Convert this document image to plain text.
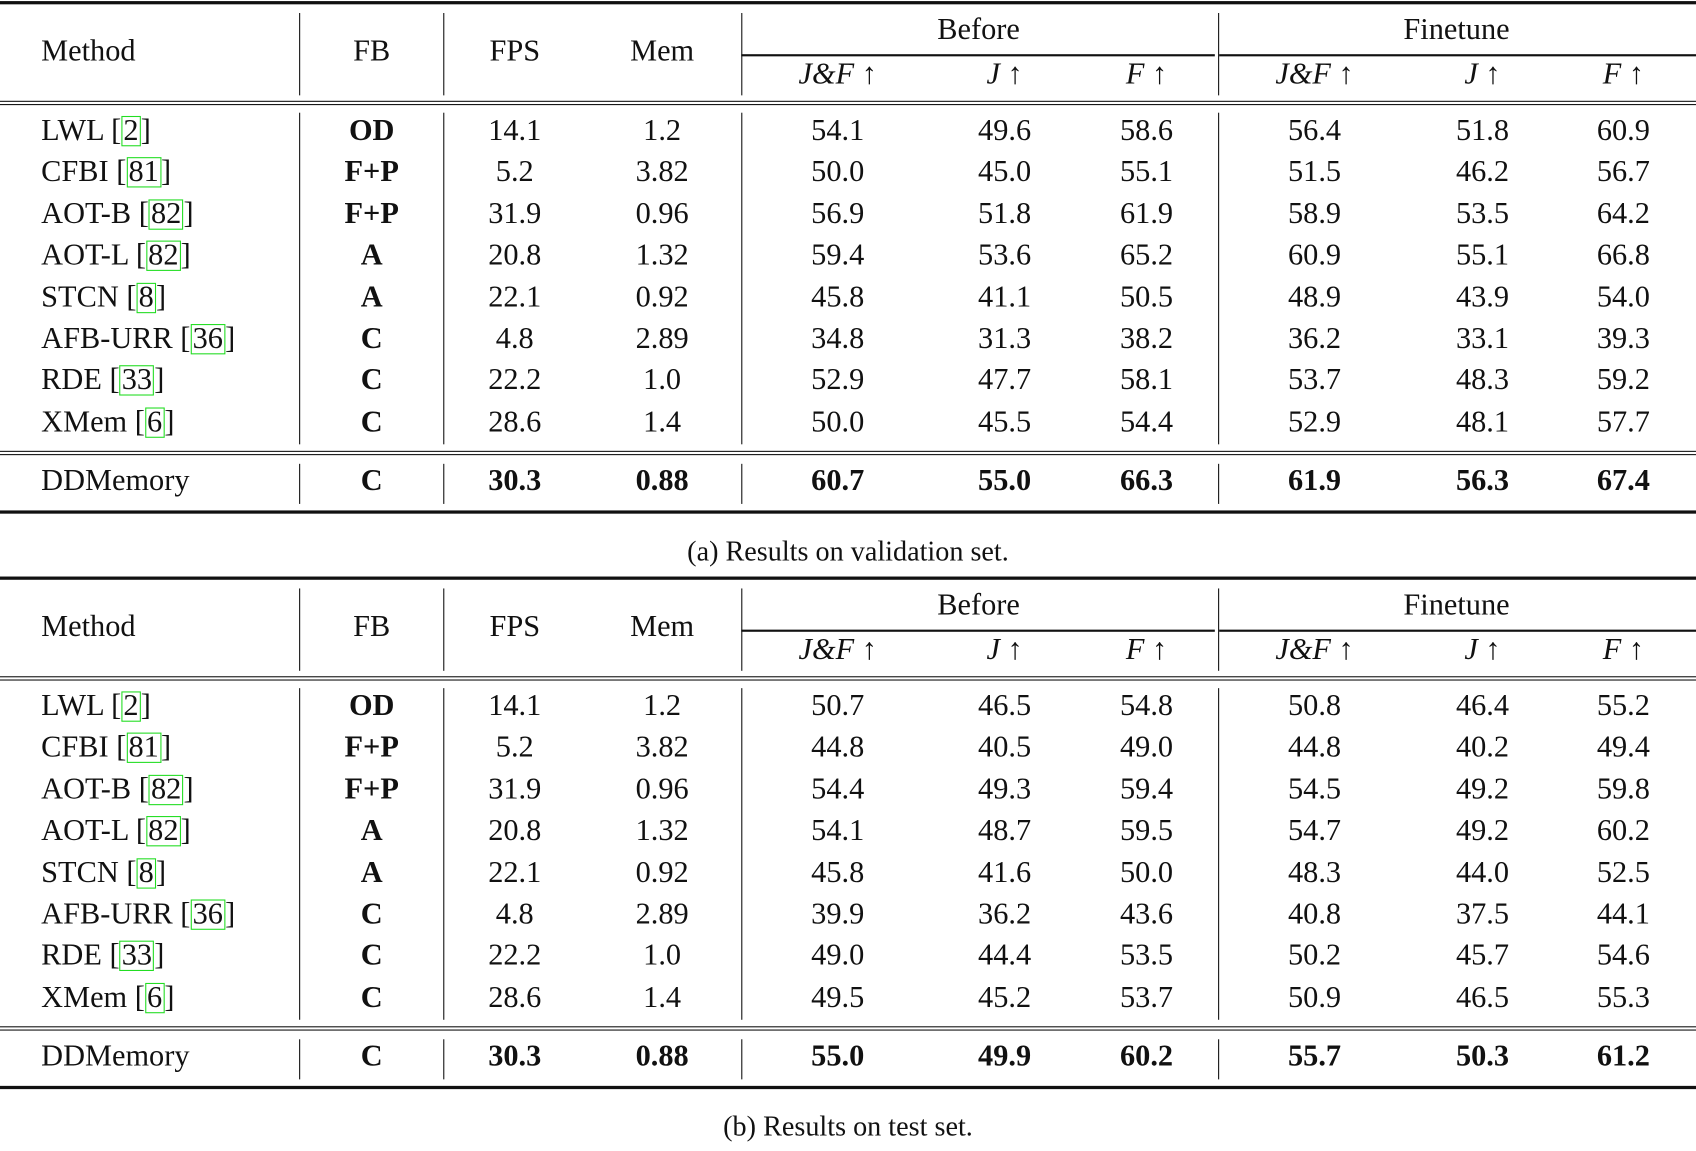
Method	FB	FPS	Mem
Before	Finetune
J&F ↑	J ↑	F ↑	J&F ↑	J ↑	F ↑
LWL [2]	OD	14.1	1.2	54.1	49.6	58.6	56.4	51.8	60.9
CFBI [81]	F+P	5.2	3.82	50.0	45.0	55.1	51.5	46.2	56.7
AOT-B [82]	F+P	31.9	0.96	56.9	51.8	61.9	58.9	53.5	64.2
AOT-L [82]	A	20.8	1.32	59.4	53.6	65.2	60.9	55.1	66.8
STCN [8]	A	22.1	0.92	45.8	41.1	50.5	48.9	43.9	54.0
AFB-URR [36]	C	4.8	2.89	34.8	31.3	38.2	36.2	33.1	39.3
RDE [33]	C	22.2	1.0	52.9	47.7	58.1	53.7	48.3	59.2
XMem [6]	C	28.6	1.4	50.0	45.5	54.4	52.9	48.1	57.7
DDMemory	C	30.3	0.88	60.7	55.0	66.3	61.9	56.3	67.4
(a) Results on validation set.
Method	FB	FPS	Mem
Before	Finetune
J&F ↑	J ↑	F ↑	J&F ↑	J ↑	F ↑
LWL [2]	OD	14.1	1.2	50.7	46.5	54.8	50.8	46.4	55.2
CFBI [81]	F+P	5.2	3.82	44.8	40.5	49.0	44.8	40.2	49.4
AOT-B [82]	F+P	31.9	0.96	54.4	49.3	59.4	54.5	49.2	59.8
AOT-L [82]	A	20.8	1.32	54.1	48.7	59.5	54.7	49.2	60.2
STCN [8]	A	22.1	0.92	45.8	41.6	50.0	48.3	44.0	52.5
AFB-URR [36]	C	4.8	2.89	39.9	36.2	43.6	40.8	37.5	44.1
RDE [33]	C	22.2	1.0	49.0	44.4	53.5	50.2	45.7	54.6
XMem [6]	C	28.6	1.4	49.5	45.2	53.7	50.9	46.5	55.3
DDMemory	C	30.3	0.88	55.0	49.9	60.2	55.7	50.3	61.2
(b) Results on test set.
